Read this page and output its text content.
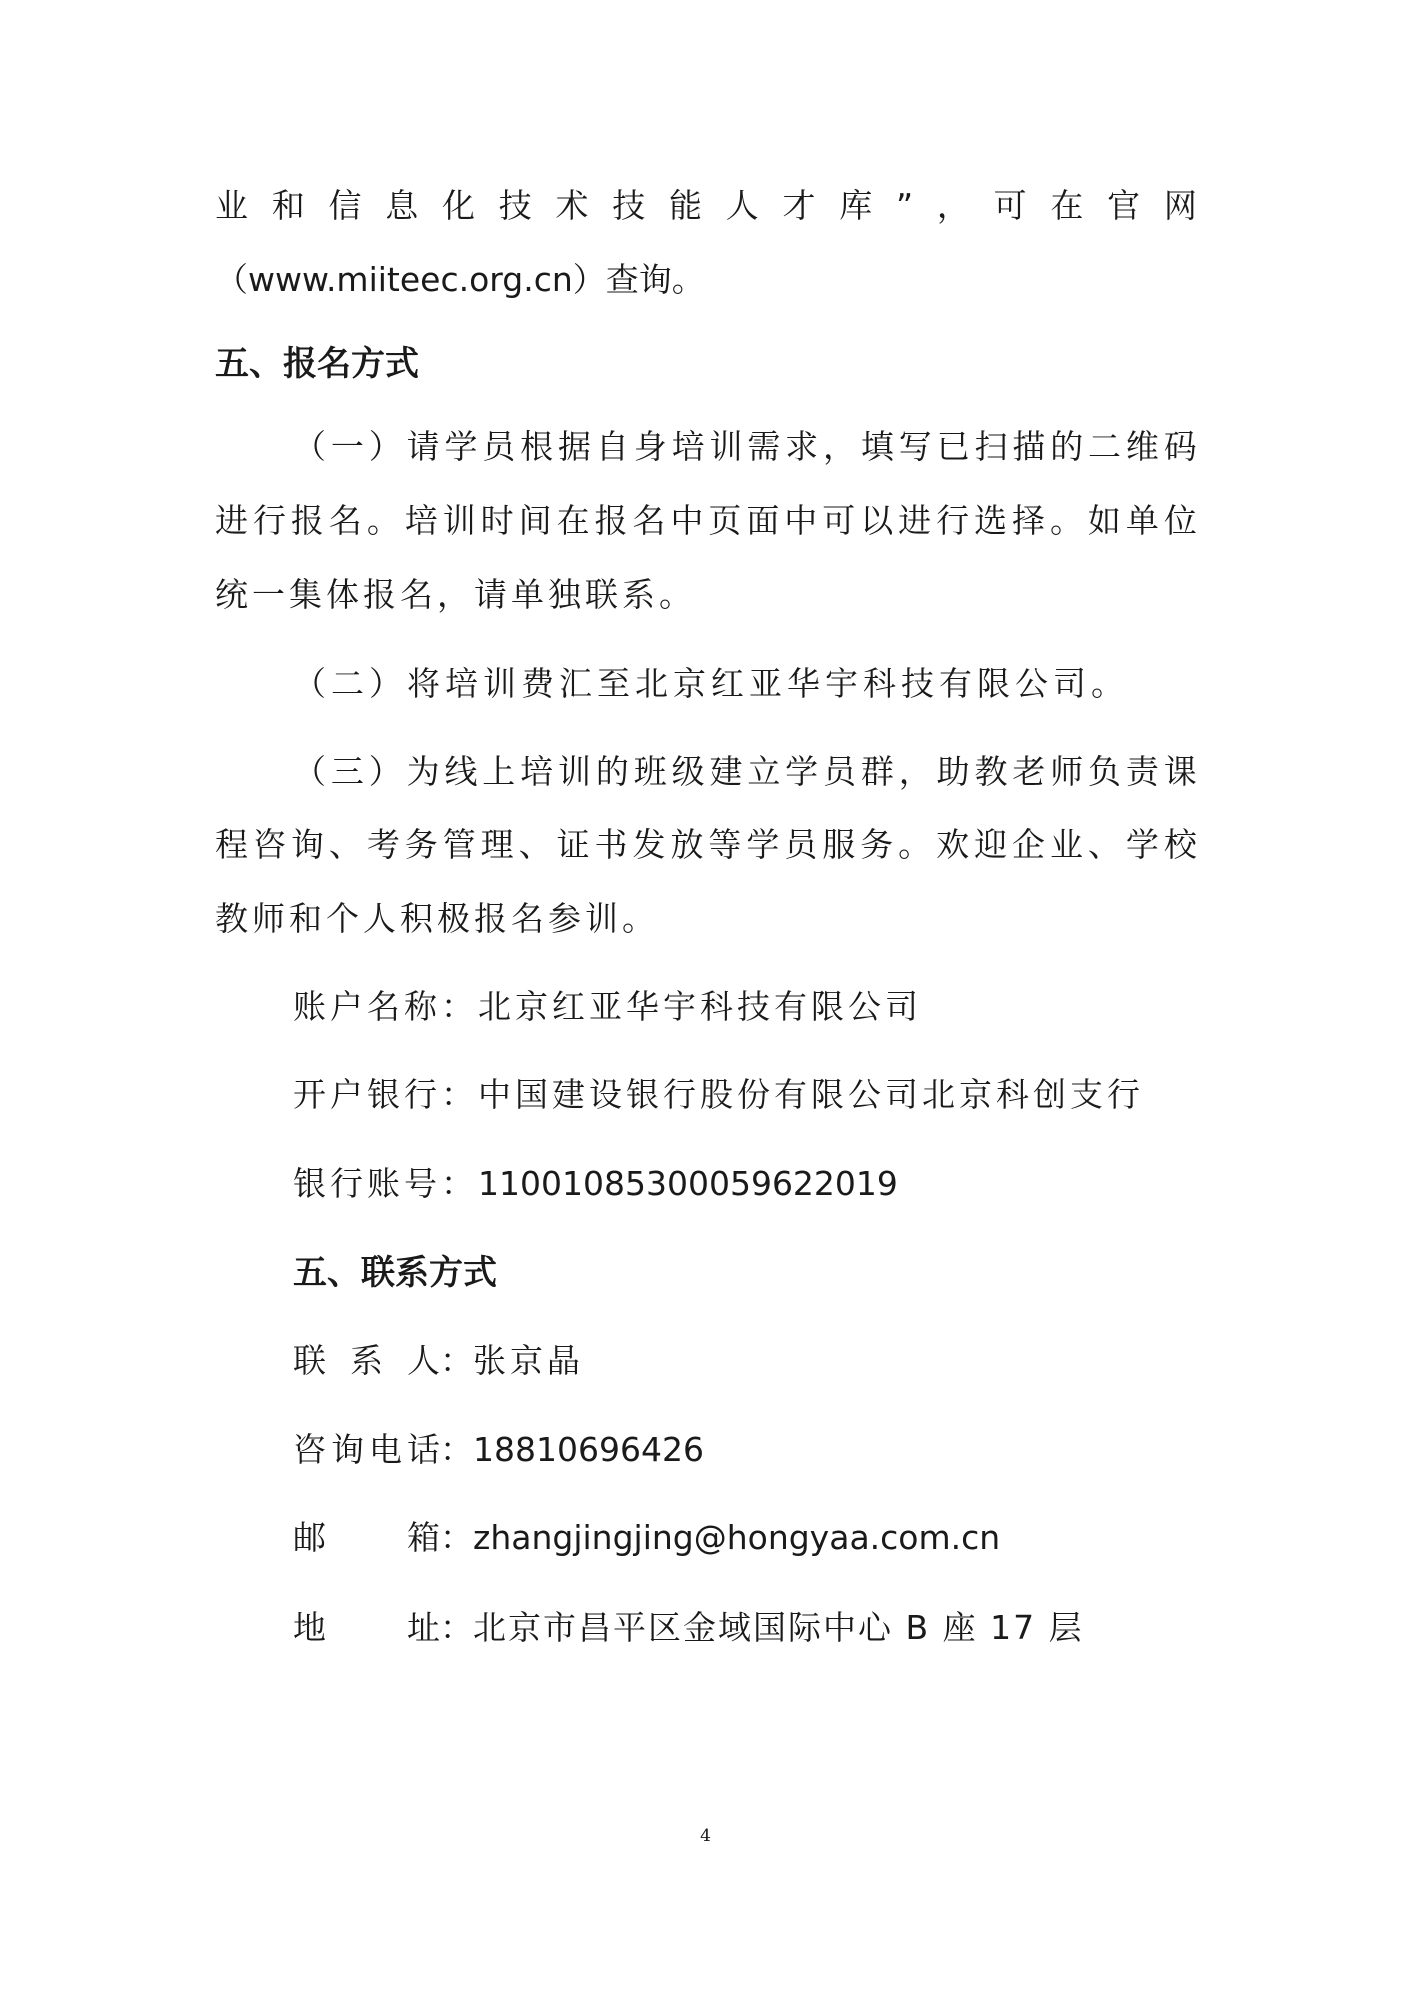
业 和 信 息 化 技 术 技 能 人 才 库 ” ， 可 在 官 网
（www.miiteec.org.cn）查询。
五、报名方式
（ 一 ） 请 学 员 根 据 自 身 培 训 需 求 ， 填 写 已 扫 描 的 二 维 码
进 行 报 名 。 培 训 时 间 在 报 名 中 页 面 中 可 以 进 行 选 择 。 如 单 位
统一集体报名，请单独联系。
（二）将培训费汇至北京红亚华宇科技有限公司。
（ 三 ） 为 线 上 培 训 的 班 级 建 立 学 员 群 ， 助 教 老 师 负 责 课
程 咨 询 、 考 务 管 理 、 证 书 发 放 等 学 员 服 务 。 欢 迎 企 业 、 学 校
教师和个人积极报名参训。
账户名称： 北京红亚华宇科技有限公司
开户银行： 中国建设银行股份有限公司北京科创支行
银行账号： 11001085300059622019
五、联系方式
联 系 人： 张京晶
咨 询 电 话： 18810696426
邮 箱： zhangjingjing@hongyaa.com.cn
地 址： 北京市昌平区金域国际中心 B 座 17 层
4
